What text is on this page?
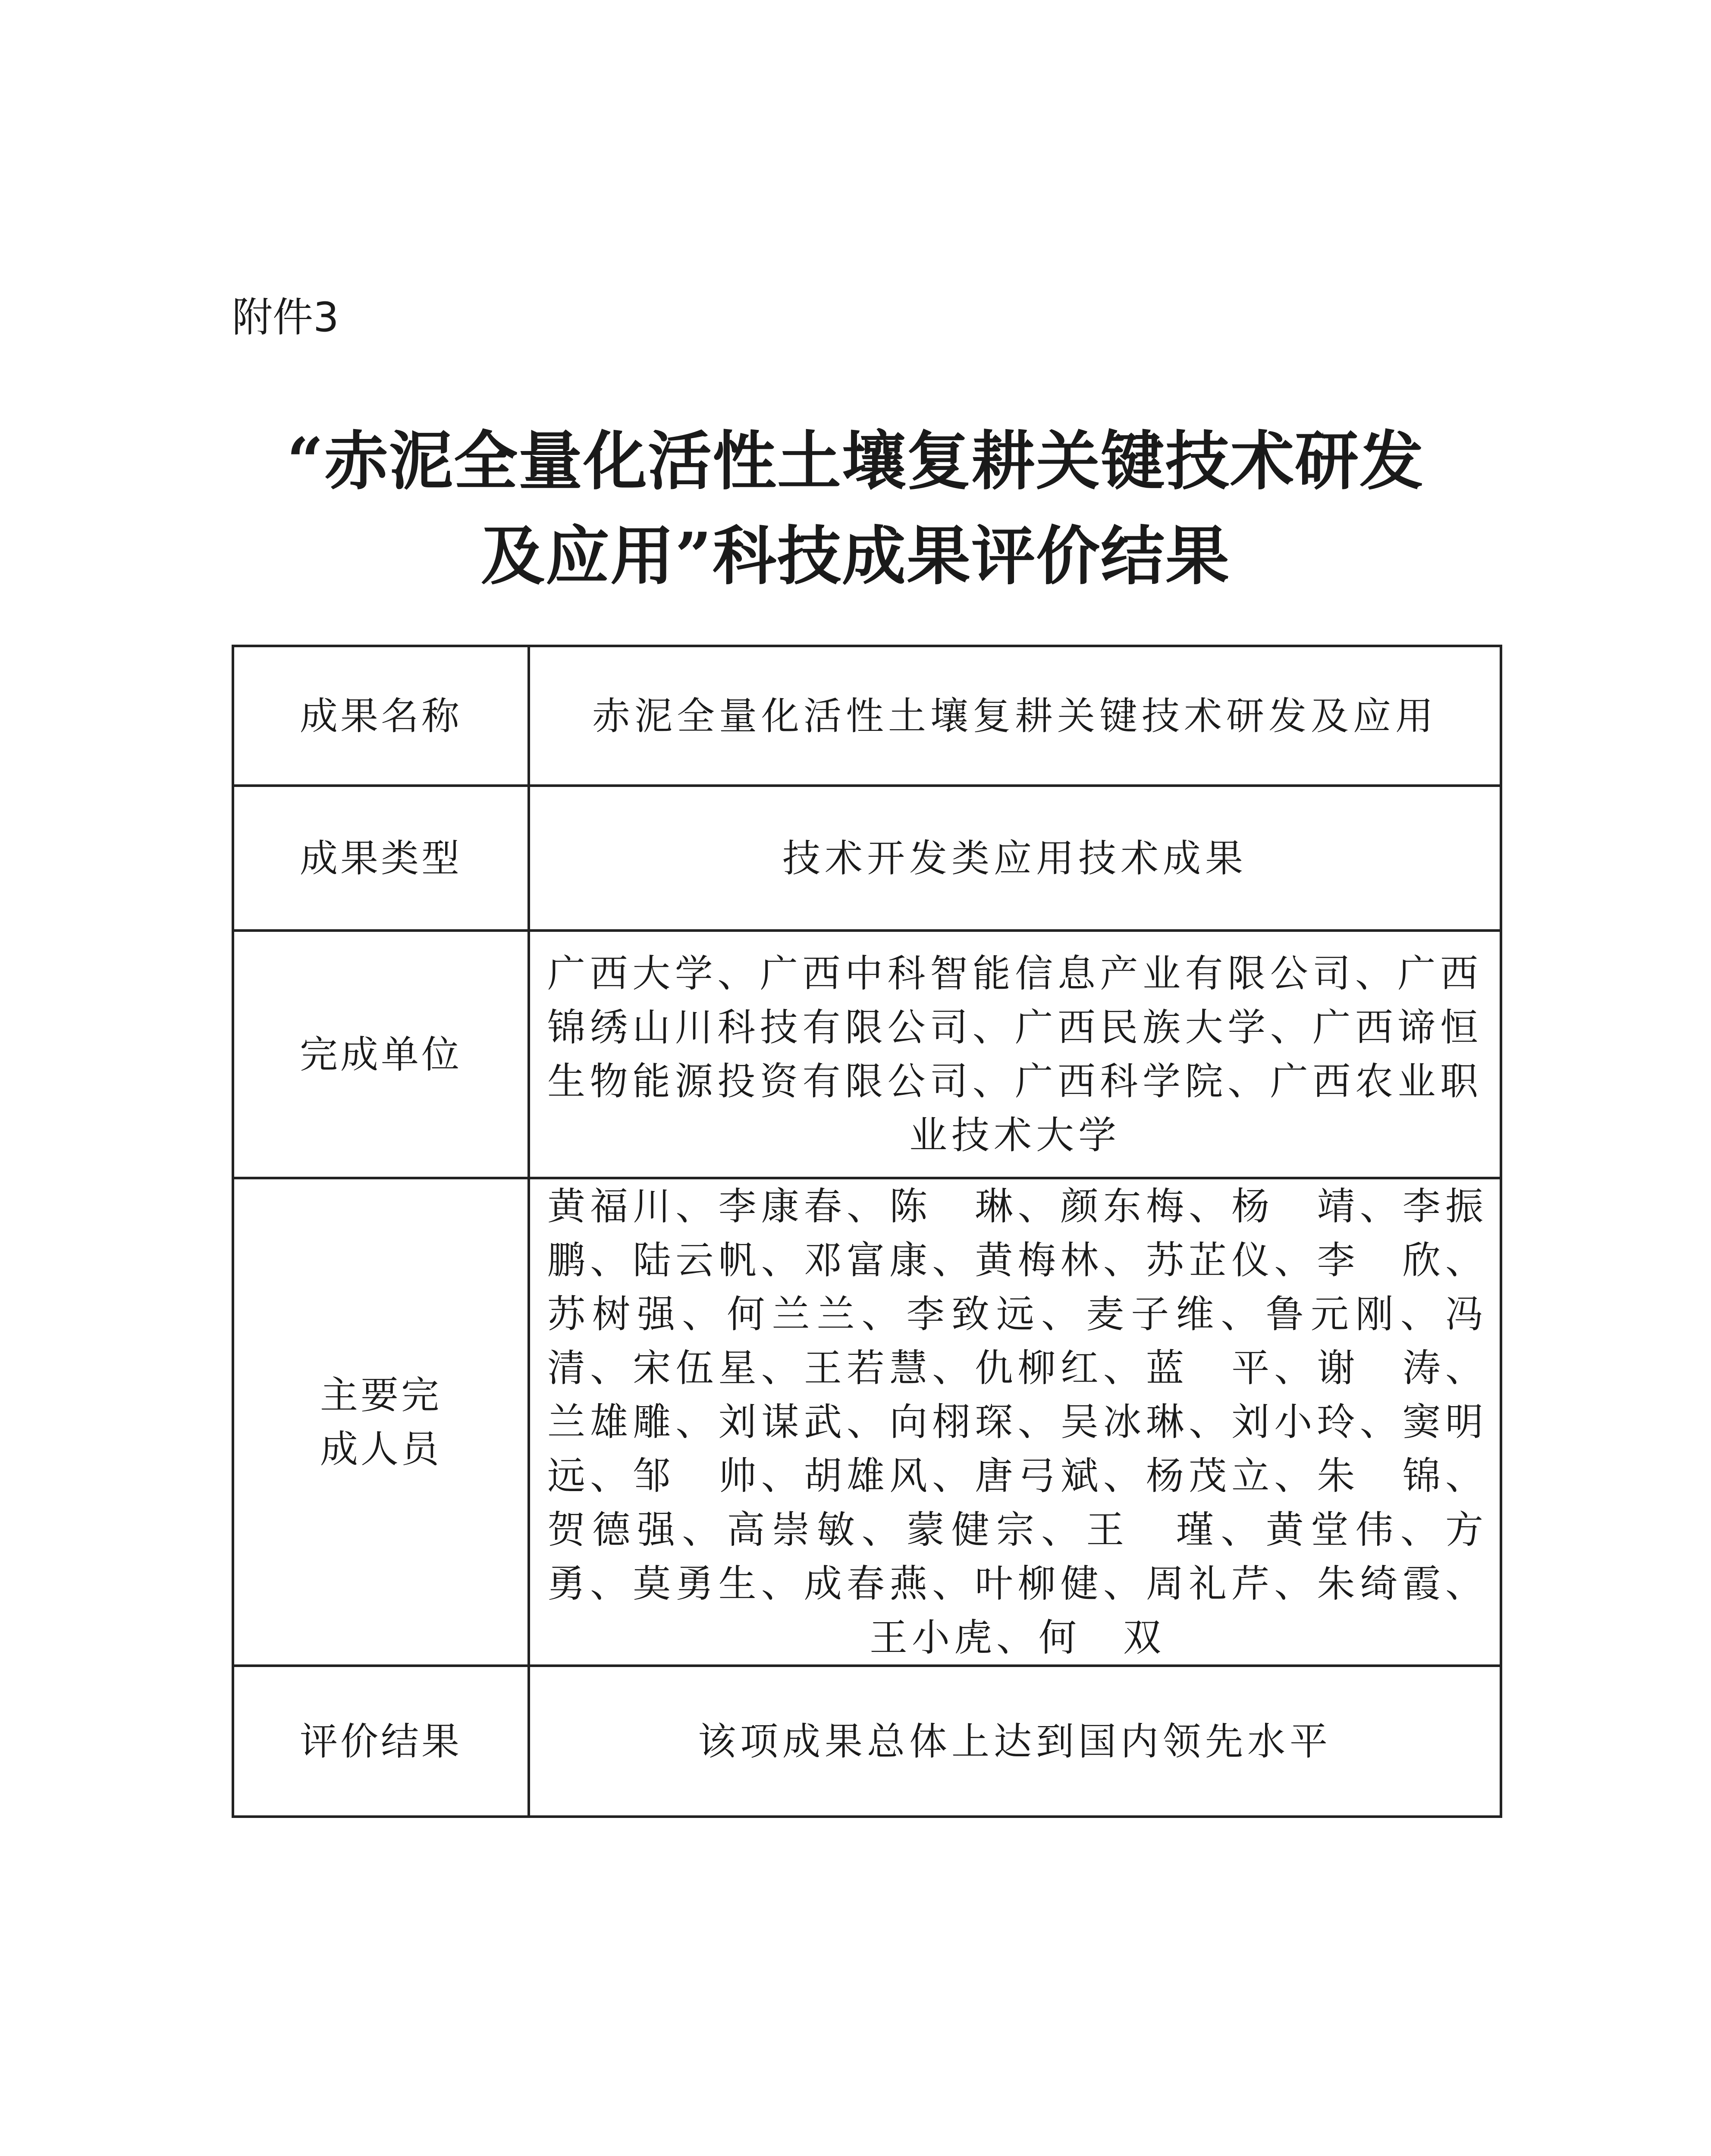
附件3
“赤泥全量化活性土壤复耕关键技术研发
及应用”科技成果评价结果
成果名称	赤泥全量化活性土壤复耕关键技术研发及应用
成果类型	技术开发类应用技术成果
完成单位	广西大学、广西中科智能信息产业有限公司、广西锦绣山川科技有限公司、广西民族大学、广西谛恒生物能源投资有限公司、广西科学院、广西农业职业技术大学

主要完成人员	黄福川、李康春、陈　琳、颜东梅、杨　靖、李振鹏、陆云帆、邓富康、黄梅林、苏芷仪、李　欣、苏树强、何兰兰、李致远、麦子维、鲁元刚、冯　清、宋伍星、王若慧、仇柳红、蓝　平、谢　涛、兰雄雕、刘谋武、向栩琛、吴冰琳、刘小玲、窦明远、邹　帅、胡雄风、唐弓斌、杨茂立、朱　锦、贺德强、高崇敏、蒙健宗、王　瑾、黄堂伟、方　勇、莫勇生、成春燕、叶柳健、周礼芹、朱绮霞、王小虎、何　双

评价结果	该项成果总体上达到国内领先水平
